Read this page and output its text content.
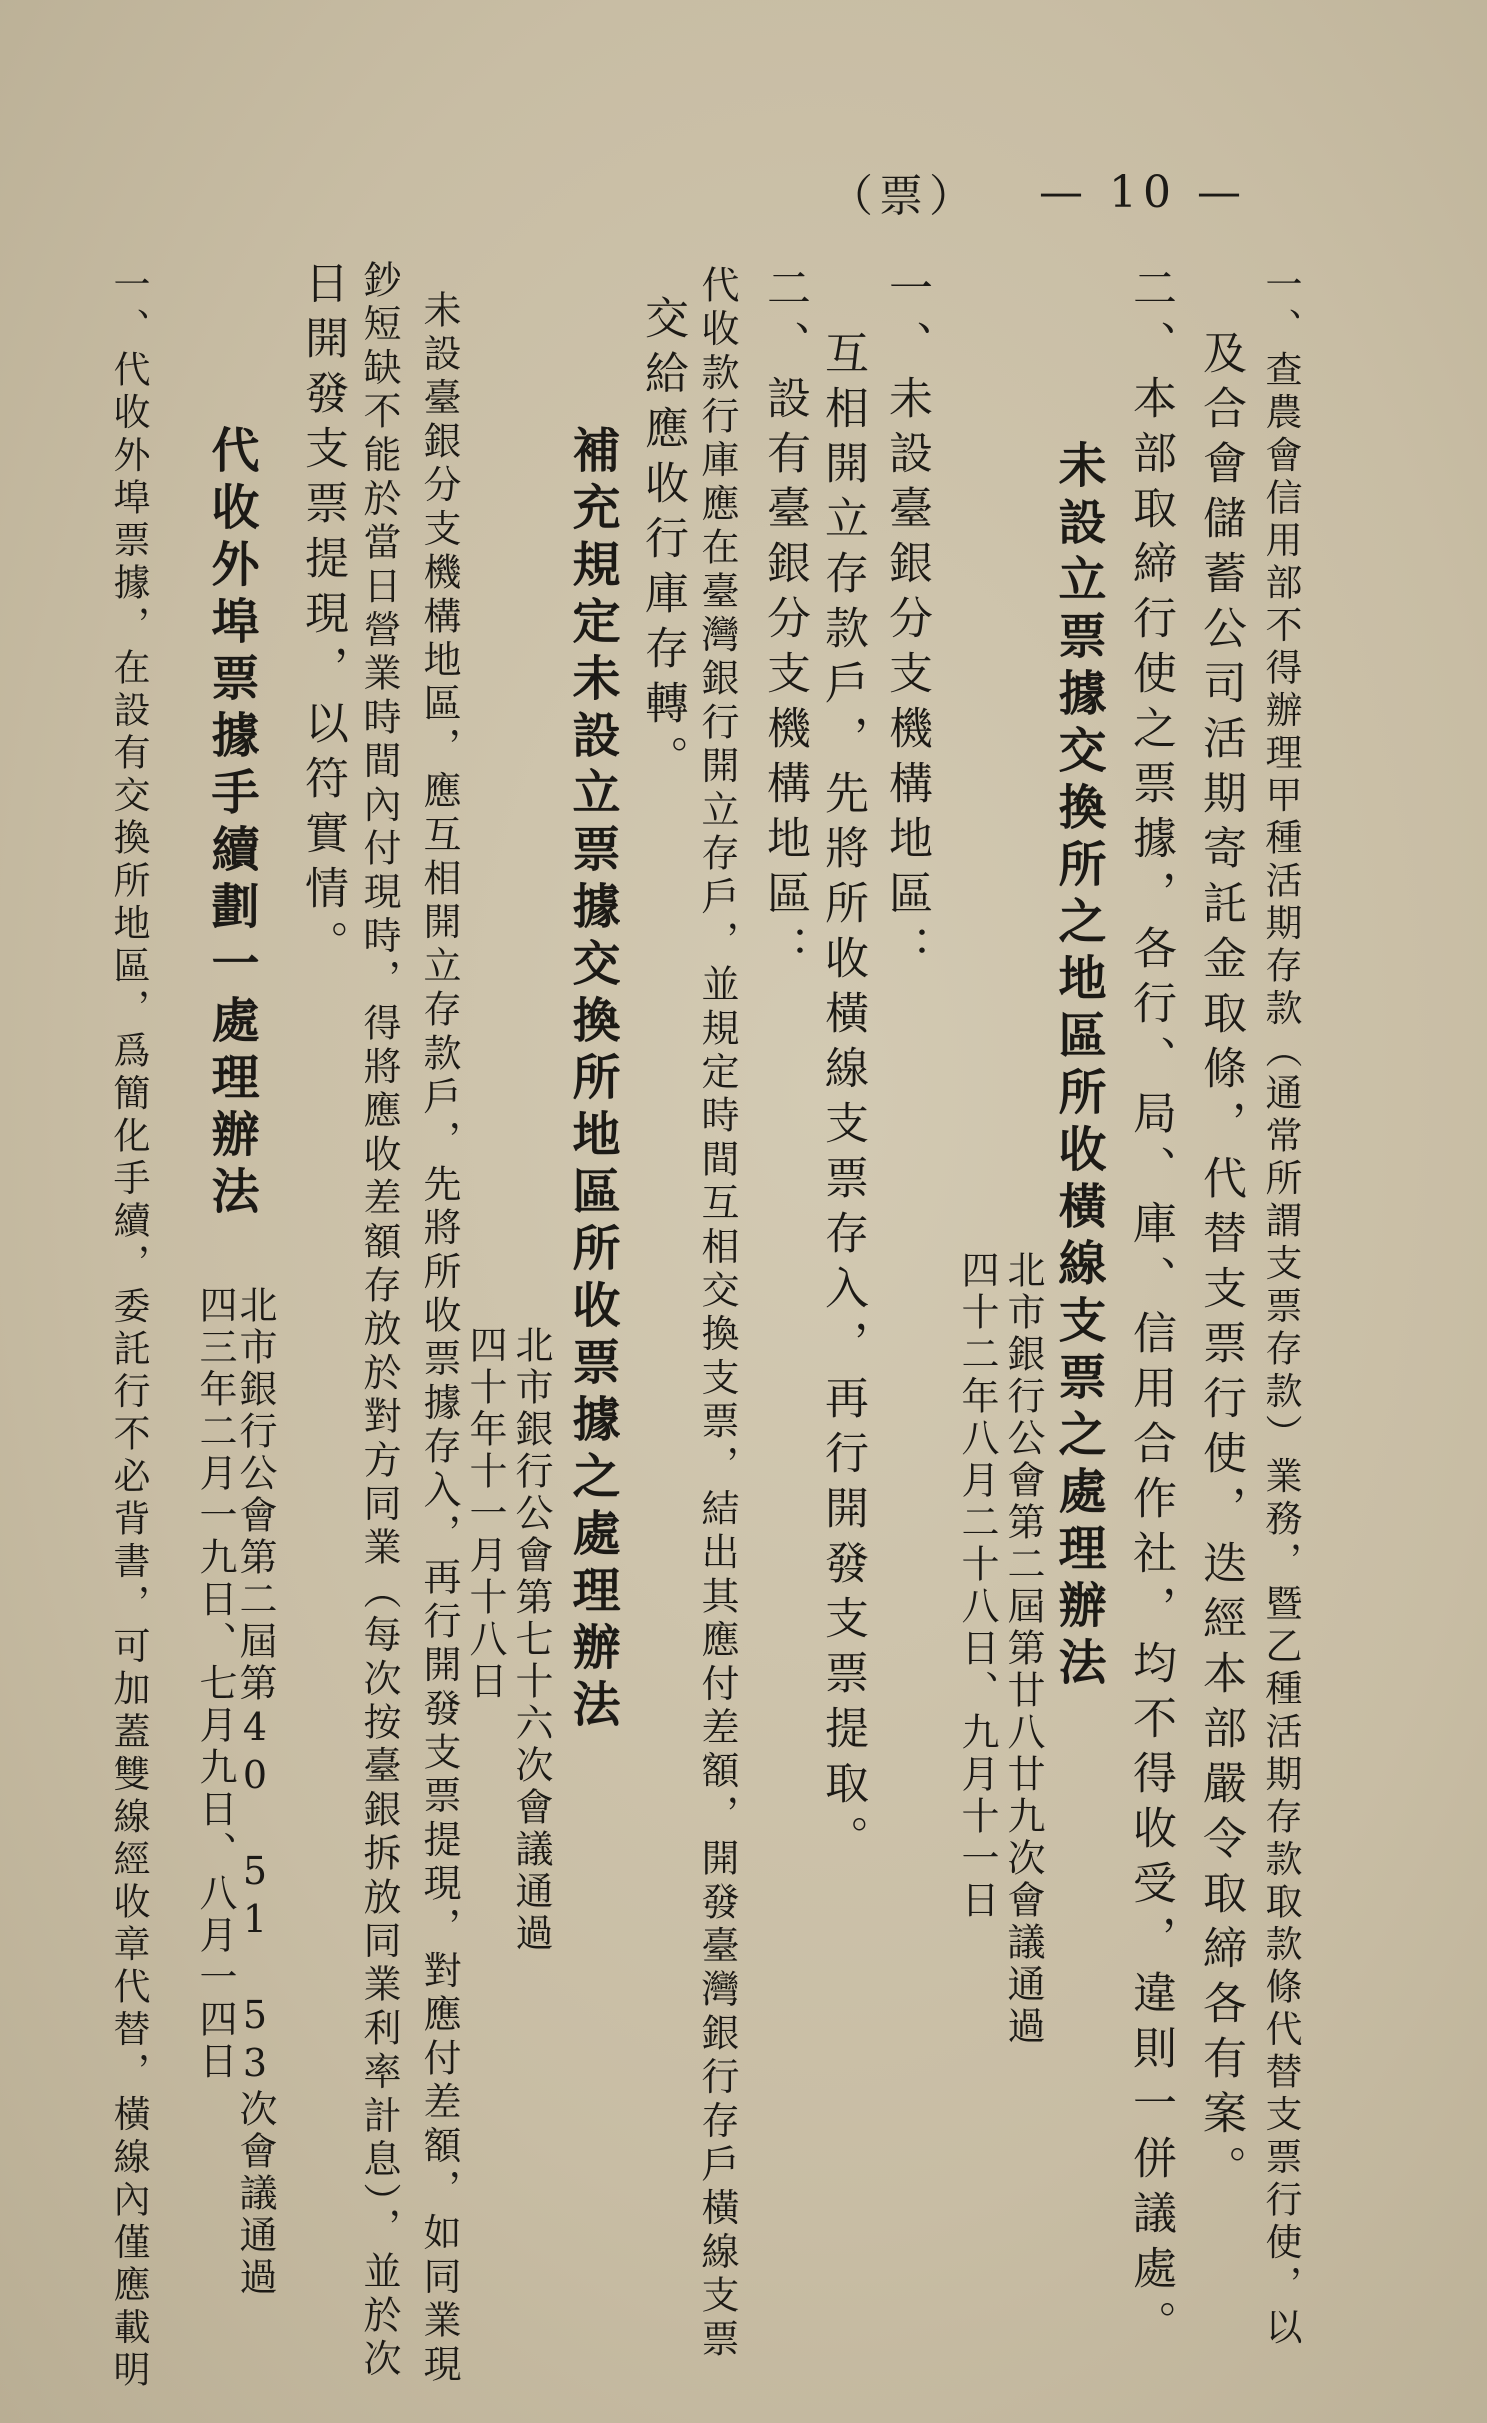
（票） — 10 —
一、查農會信用部不得辦理甲種活期存款（通常所謂支票存款）業務，暨乙種活期存款取款條代替支票行使，以
及合會儲蓄公司活期寄託金取條，代替支票行使，迭經本部嚴令取締各有案。
二、本部取締行使之票據，各行、局、庫、信用合作社，均不得收受，違則一併議處。
未設立票據交換所之地區所收橫線支票之處理辦法
北市銀行公會第二屆第廿八廿九次會議通過
四十二年八月二十八日、九月十一日
一、未設臺銀分支機構地區：
互相開立存款戶，先將所收橫線支票存入，再行開發支票提取。
二、設有臺銀分支機構地區：
代收款行庫應在臺灣銀行開立存戶，並規定時間互相交換支票，結出其應付差額，開發臺灣銀行存戶橫線支票
交給應收行庫存轉。
補充規定未設立票據交換所地區所收票據之處理辦法
北市銀行公會第七十六次會議通過
四十年十一月十八日
未設臺銀分支機構地區，應互相開立存款戶，先將所收票據存入，再行開發支票提現，對應付差額，如同業現
鈔短缺不能於當日營業時間內付現時，得將應收差額存放於對方同業（每次按臺銀拆放同業利率計息），並於次
日開發支票提現，以符實情。
代收外埠票據手續劃一處理辦法
北市銀行公會第二屆第40 51 53次會議通過
四三年二月一九日、七月九日、八月一四日
一、代收外埠票據，在設有交換所地區，爲簡化手續，委託行不必背書，可加蓋雙線經收章代替，橫線內僅應載明
